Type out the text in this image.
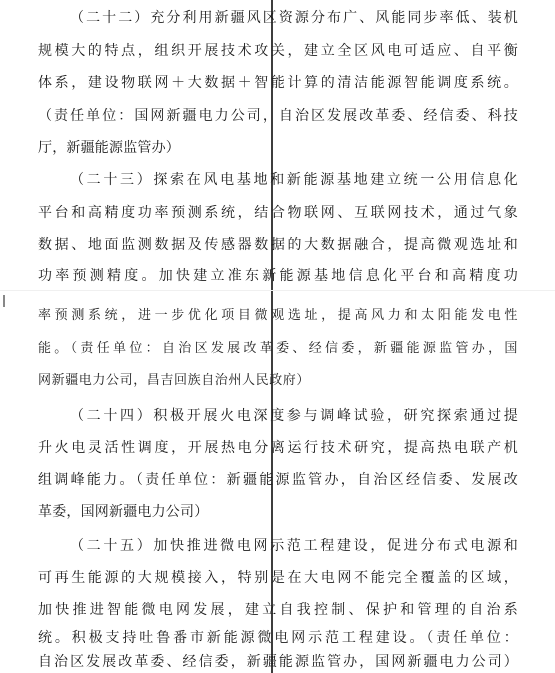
（二十二）充分利用新疆风区资源分布广、风能同步率低、装机
规模大的特点，组织开展技术攻关，建立全区风电可适应、自平衡
体系，建设物联网＋大数据＋智能计算的清洁能源智能调度系统。
（责任单位：国网新疆电力公司，自治区发展改革委、经信委、科技
厅，新疆能源监管办）
（二十三）探索在风电基地和新能源基地建立统一公用信息化
平台和高精度功率预测系统，结合物联网、互联网技术，通过气象
数据、地面监测数据及传感器数据的大数据融合，提高微观选址和
功率预测精度。加快建立准东新能源基地信息化平台和高精度功
率预测系统，进一步优化项目微观选址，提高风力和太阳能发电性
能。（责任单位：自治区发展改革委、经信委，新疆能源监管办，国
网新疆电力公司，昌吉回族自治州人民政府）
（二十四）积极开展火电深度参与调峰试验，研究探索通过提
升火电灵活性调度，开展热电分离运行技术研究，提高热电联产机
组调峰能力。（责任单位：新疆能源监管办，自治区经信委、发展改
革委，国网新疆电力公司）
（二十五）加快推进微电网示范工程建设，促进分布式电源和
可再生能源的大规模接入，特别是在大电网不能完全覆盖的区域，
加快推进智能微电网发展，建立自我控制、保护和管理的自治系
统。积极支持吐鲁番市新能源微电网示范工程建设。（责任单位：
自治区发展改革委、经信委，新疆能源监管办，国网新疆电力公司）
